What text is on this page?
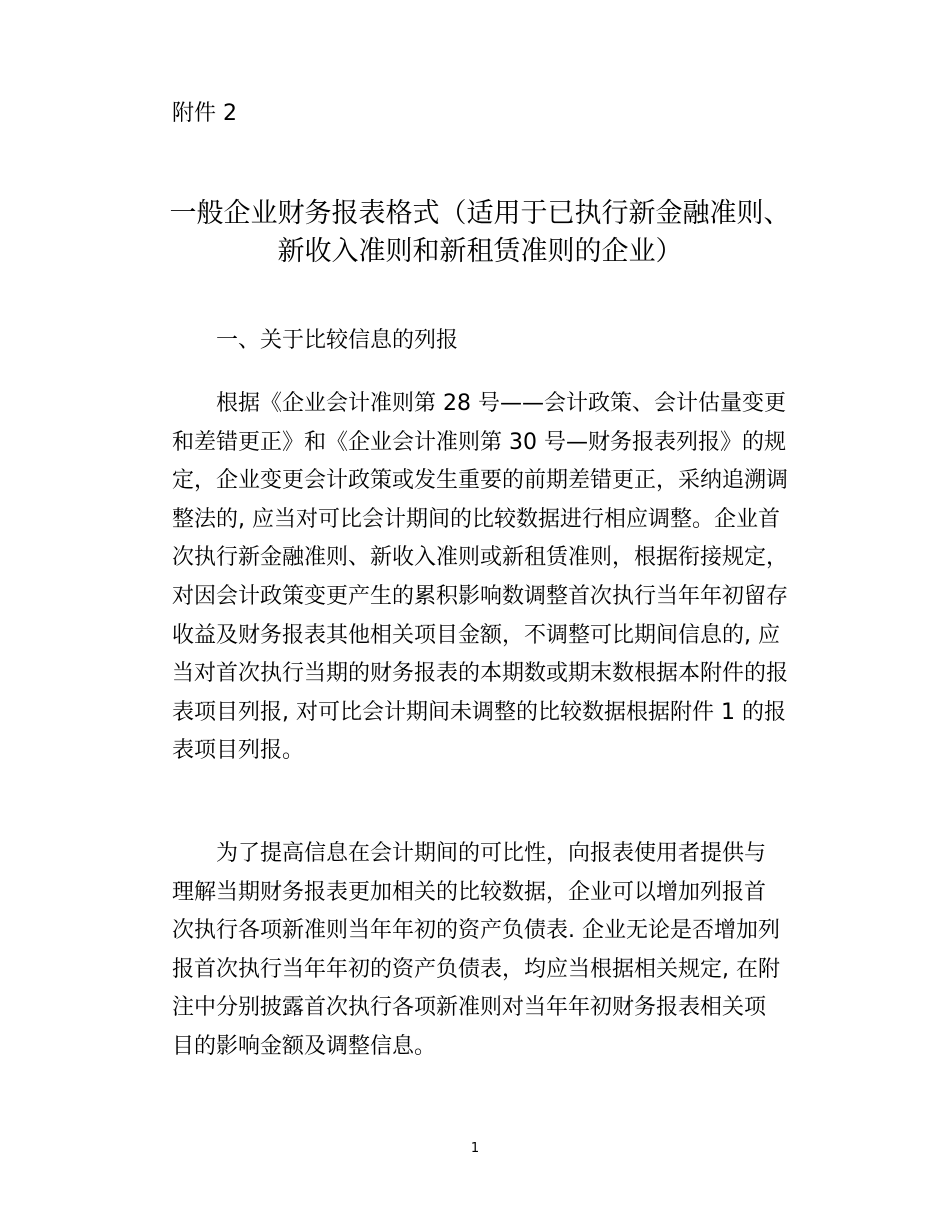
附件 2

一般企业财务报表格式（适用于已执行新金融准则、
新收入准则和新租赁准则的企业）
一、关于比较信息的列报
根据《企业会计准则第 28 号——会计政策、会计估量变更
和差错更正》和《企业会计准则第 30 号—财务报表列报》的规
定，企业变更会计政策或发生重要的前期差错更正，采纳追溯调
整法的, 应当对可比会计期间的比较数据进行相应调整。企业首
次执行新金融准则、新收入准则或新租赁准则，根据衔接规定，
对因会计政策变更产生的累积影响数调整首次执行当年年初留存
收益及财务报表其他相关项目金额，不调整可比期间信息的, 应
当对首次执行当期的财务报表的本期数或期末数根据本附件的报
表项目列报, 对可比会计期间未调整的比较数据根据附件 1 的报
表项目列报。
为了提高信息在会计期间的可比性，向报表使用者提供与
理解当期财务报表更加相关的比较数据，企业可以增加列报首
次执行各项新准则当年年初的资产负债表. 企业无论是否增加列
报首次执行当年年初的资产负债表，均应当根据相关规定, 在附
注中分别披露首次执行各项新准则对当年年初财务报表相关项
目的影响金额及调整信息。
1
